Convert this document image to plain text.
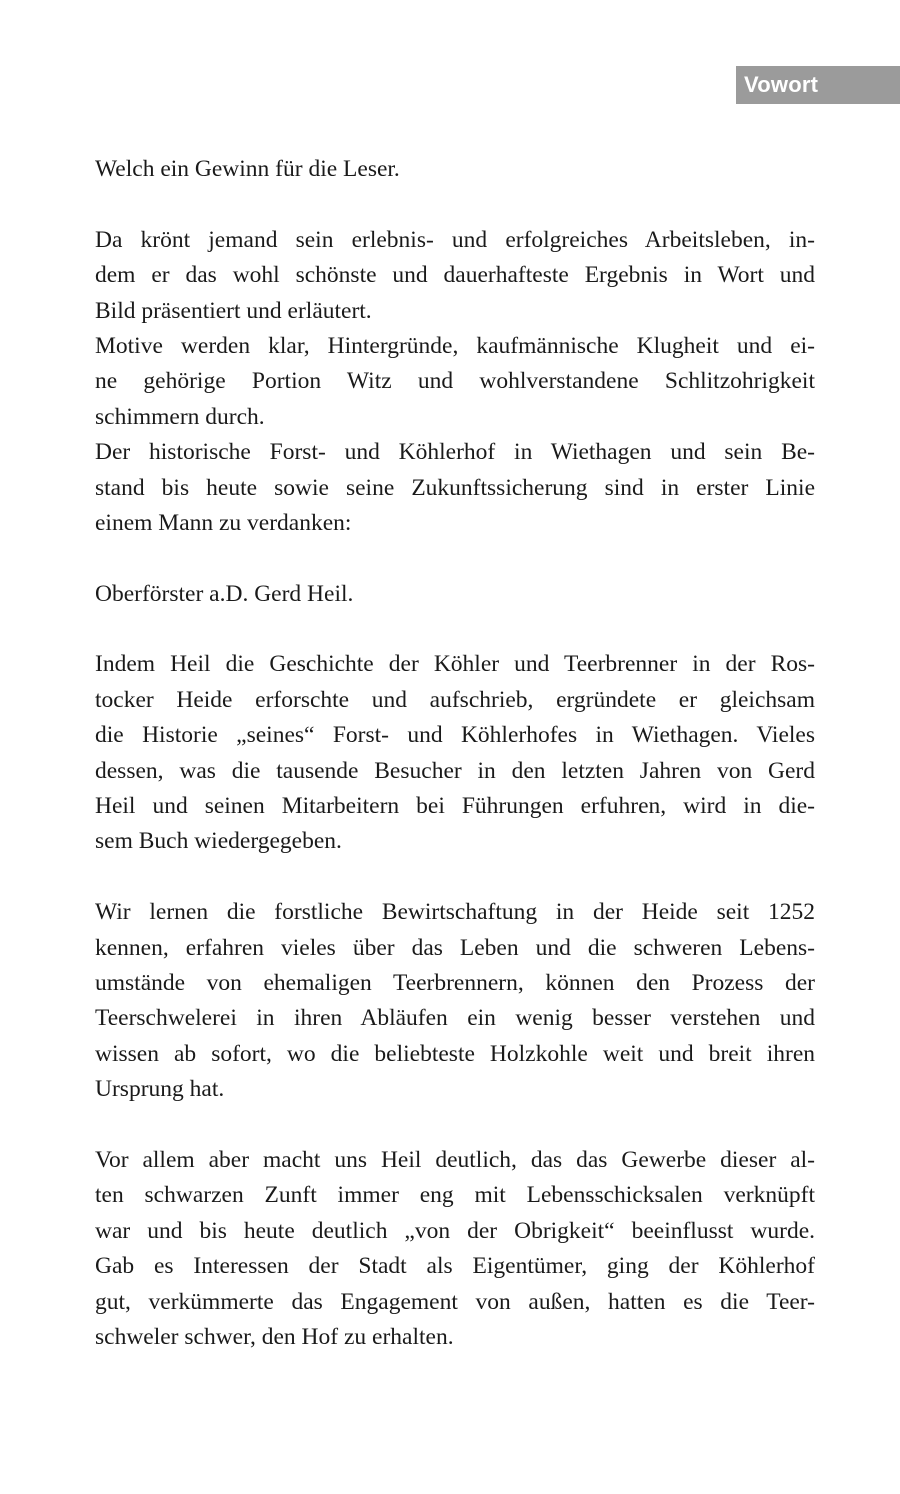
Vowort
Welch ein Gewinn für die Leser.
Da krönt jemand sein erlebnis- und erfolgreiches Arbeitsleben, in-
dem er das wohl schönste und dauerhafteste Ergebnis in Wort und
Bild präsentiert und erläutert.
Motive werden klar, Hintergründe, kaufmännische Klugheit und ei-
ne gehörige Portion Witz und wohlverstandene Schlitzohrigkeit
schimmern durch.
Der historische Forst- und Köhlerhof in Wiethagen und sein Be-
stand bis heute sowie seine Zukunftssicherung sind in erster Linie
einem Mann zu verdanken:
Oberförster a.D. Gerd Heil.
Indem Heil die Geschichte der Köhler und Teerbrenner in der Ros-
tocker Heide erforschte und aufschrieb, ergründete er gleichsam
die Historie „seines“ Forst- und Köhlerhofes in Wiethagen. Vieles
dessen, was die tausende Besucher in den letzten Jahren von Gerd
Heil und seinen Mitarbeitern bei Führungen erfuhren, wird in die-
sem Buch wiedergegeben.
Wir lernen die forstliche Bewirtschaftung in der Heide seit 1252
kennen, erfahren vieles über das Leben und die schweren Lebens-
umstände von ehemaligen Teerbrennern, können den Prozess der
Teerschwelerei in ihren Abläufen ein wenig besser verstehen und
wissen ab sofort, wo die beliebteste Holzkohle weit und breit ihren
Ursprung hat.
Vor allem aber macht uns Heil deutlich, das das Gewerbe dieser al-
ten schwarzen Zunft immer eng mit Lebensschicksalen verknüpft
war und bis heute deutlich „von der Obrigkeit“ beeinflusst wurde.
Gab es Interessen der Stadt als Eigentümer, ging der Köhlerhof
gut, verkümmerte das Engagement von außen, hatten es die Teer-
schweler schwer, den Hof zu erhalten.
